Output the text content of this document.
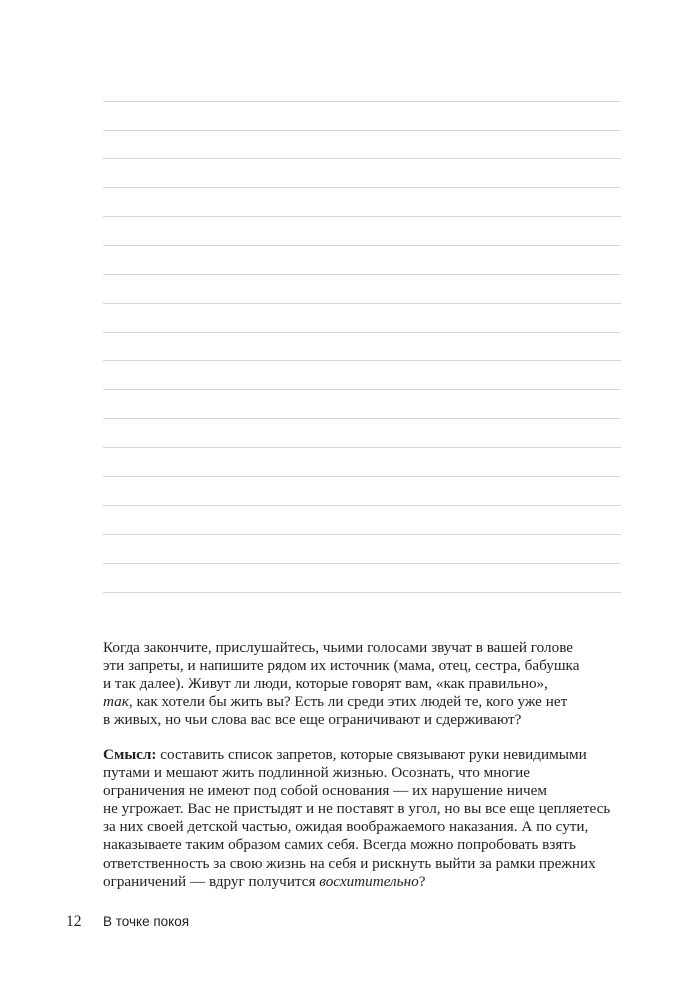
Когда закончите, прислушайтесь, чьими голосами звучат в вашей голове
эти запреты, и напишите рядом их источник (мама, отец, сестра, бабушка
и так далее). Живут ли люди, которые говорят вам, «как правильно»,
так, как хотели бы жить вы? Есть ли среди этих людей те, кого уже нет
в живых, но чьи слова вас все еще ограничивают и сдерживают?

Смысл: составить список запретов, которые связывают руки невидимыми
путами и мешают жить подлинной жизнью. Осознать, что многие
ограничения не имеют под собой основания — их нарушение ничем
не угрожает. Вас не пристыдят и не поставят в угол, но вы все еще цепляетесь
за них своей детской частью, ожидая воображаемого наказания. А по сути,
наказываете таким образом самих себя. Всегда можно попробовать взять
ответственность за свою жизнь на себя и рискнуть выйти за рамки прежних
ограничений — вдруг получится восхитительно?

12 В точке покоя
